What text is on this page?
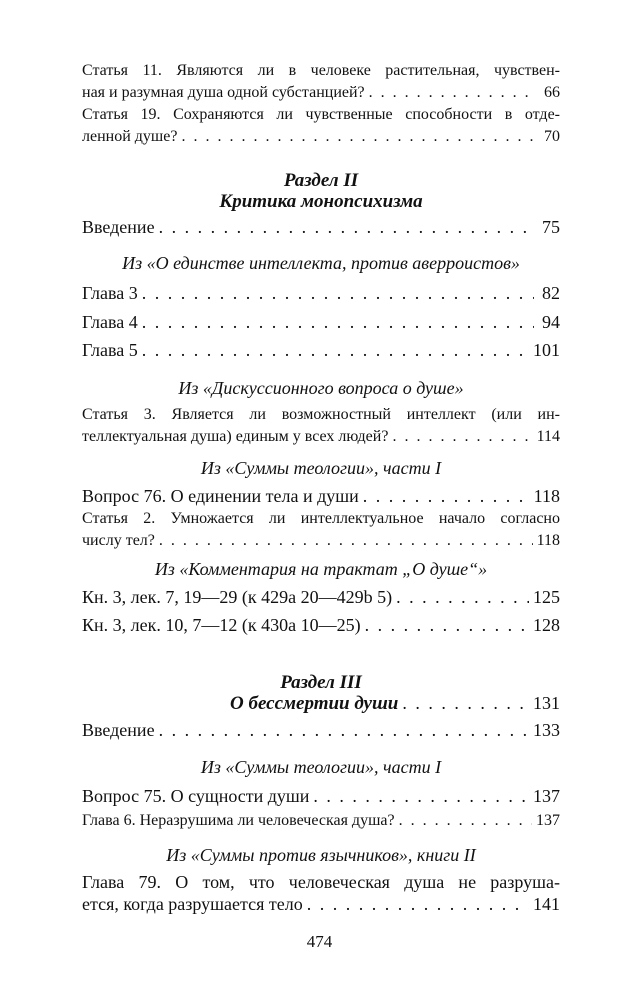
Статья 11. Являются ли в человеке растительная, чувствен-
ная и разумная душа одной субстанцией? . . .	66
Статья 19. Сохраняются ли чувственные способности в отде-
ленной душе? . . .	70
Раздел II
Критика монопсихизма
Введение . . .	75
Из «О единстве интеллекта, против аверроистов»
Глава 3 . . .	82
Глава 4 . . .	94
Глава 5 . . .	101
Из «Дискуссионного вопроса о душе»
Статья 3. Является ли возможностный интеллект (или ин-
теллектуальная душа) единым у всех людей? . . .	114
Из «Суммы теологии», части I
Вопрос 76. О единении тела и души . . .	118
Статья 2. Умножается ли интеллектуальное начало согласно
числу тел? . . .	118
Из «Комментария на трактат „О душе“»
Кн. 3, лек. 7, 19—29 (к 429а 20—429b 5) . . .	125
Кн. 3, лек. 10, 7—12 (к 430а 10—25) . . .	128
Раздел III
О бессмертии души . . .	131
Введение . . .	133
Из «Суммы теологии», части I
Вопрос 75. О сущности души . . .	137
Глава 6. Неразрушима ли человеческая душа? . . .	137
Из «Суммы против язычников», книги II
Глава 79. О том, что человеческая душа не разрушa-
ется, когда разрушается тело . . .	141
474
